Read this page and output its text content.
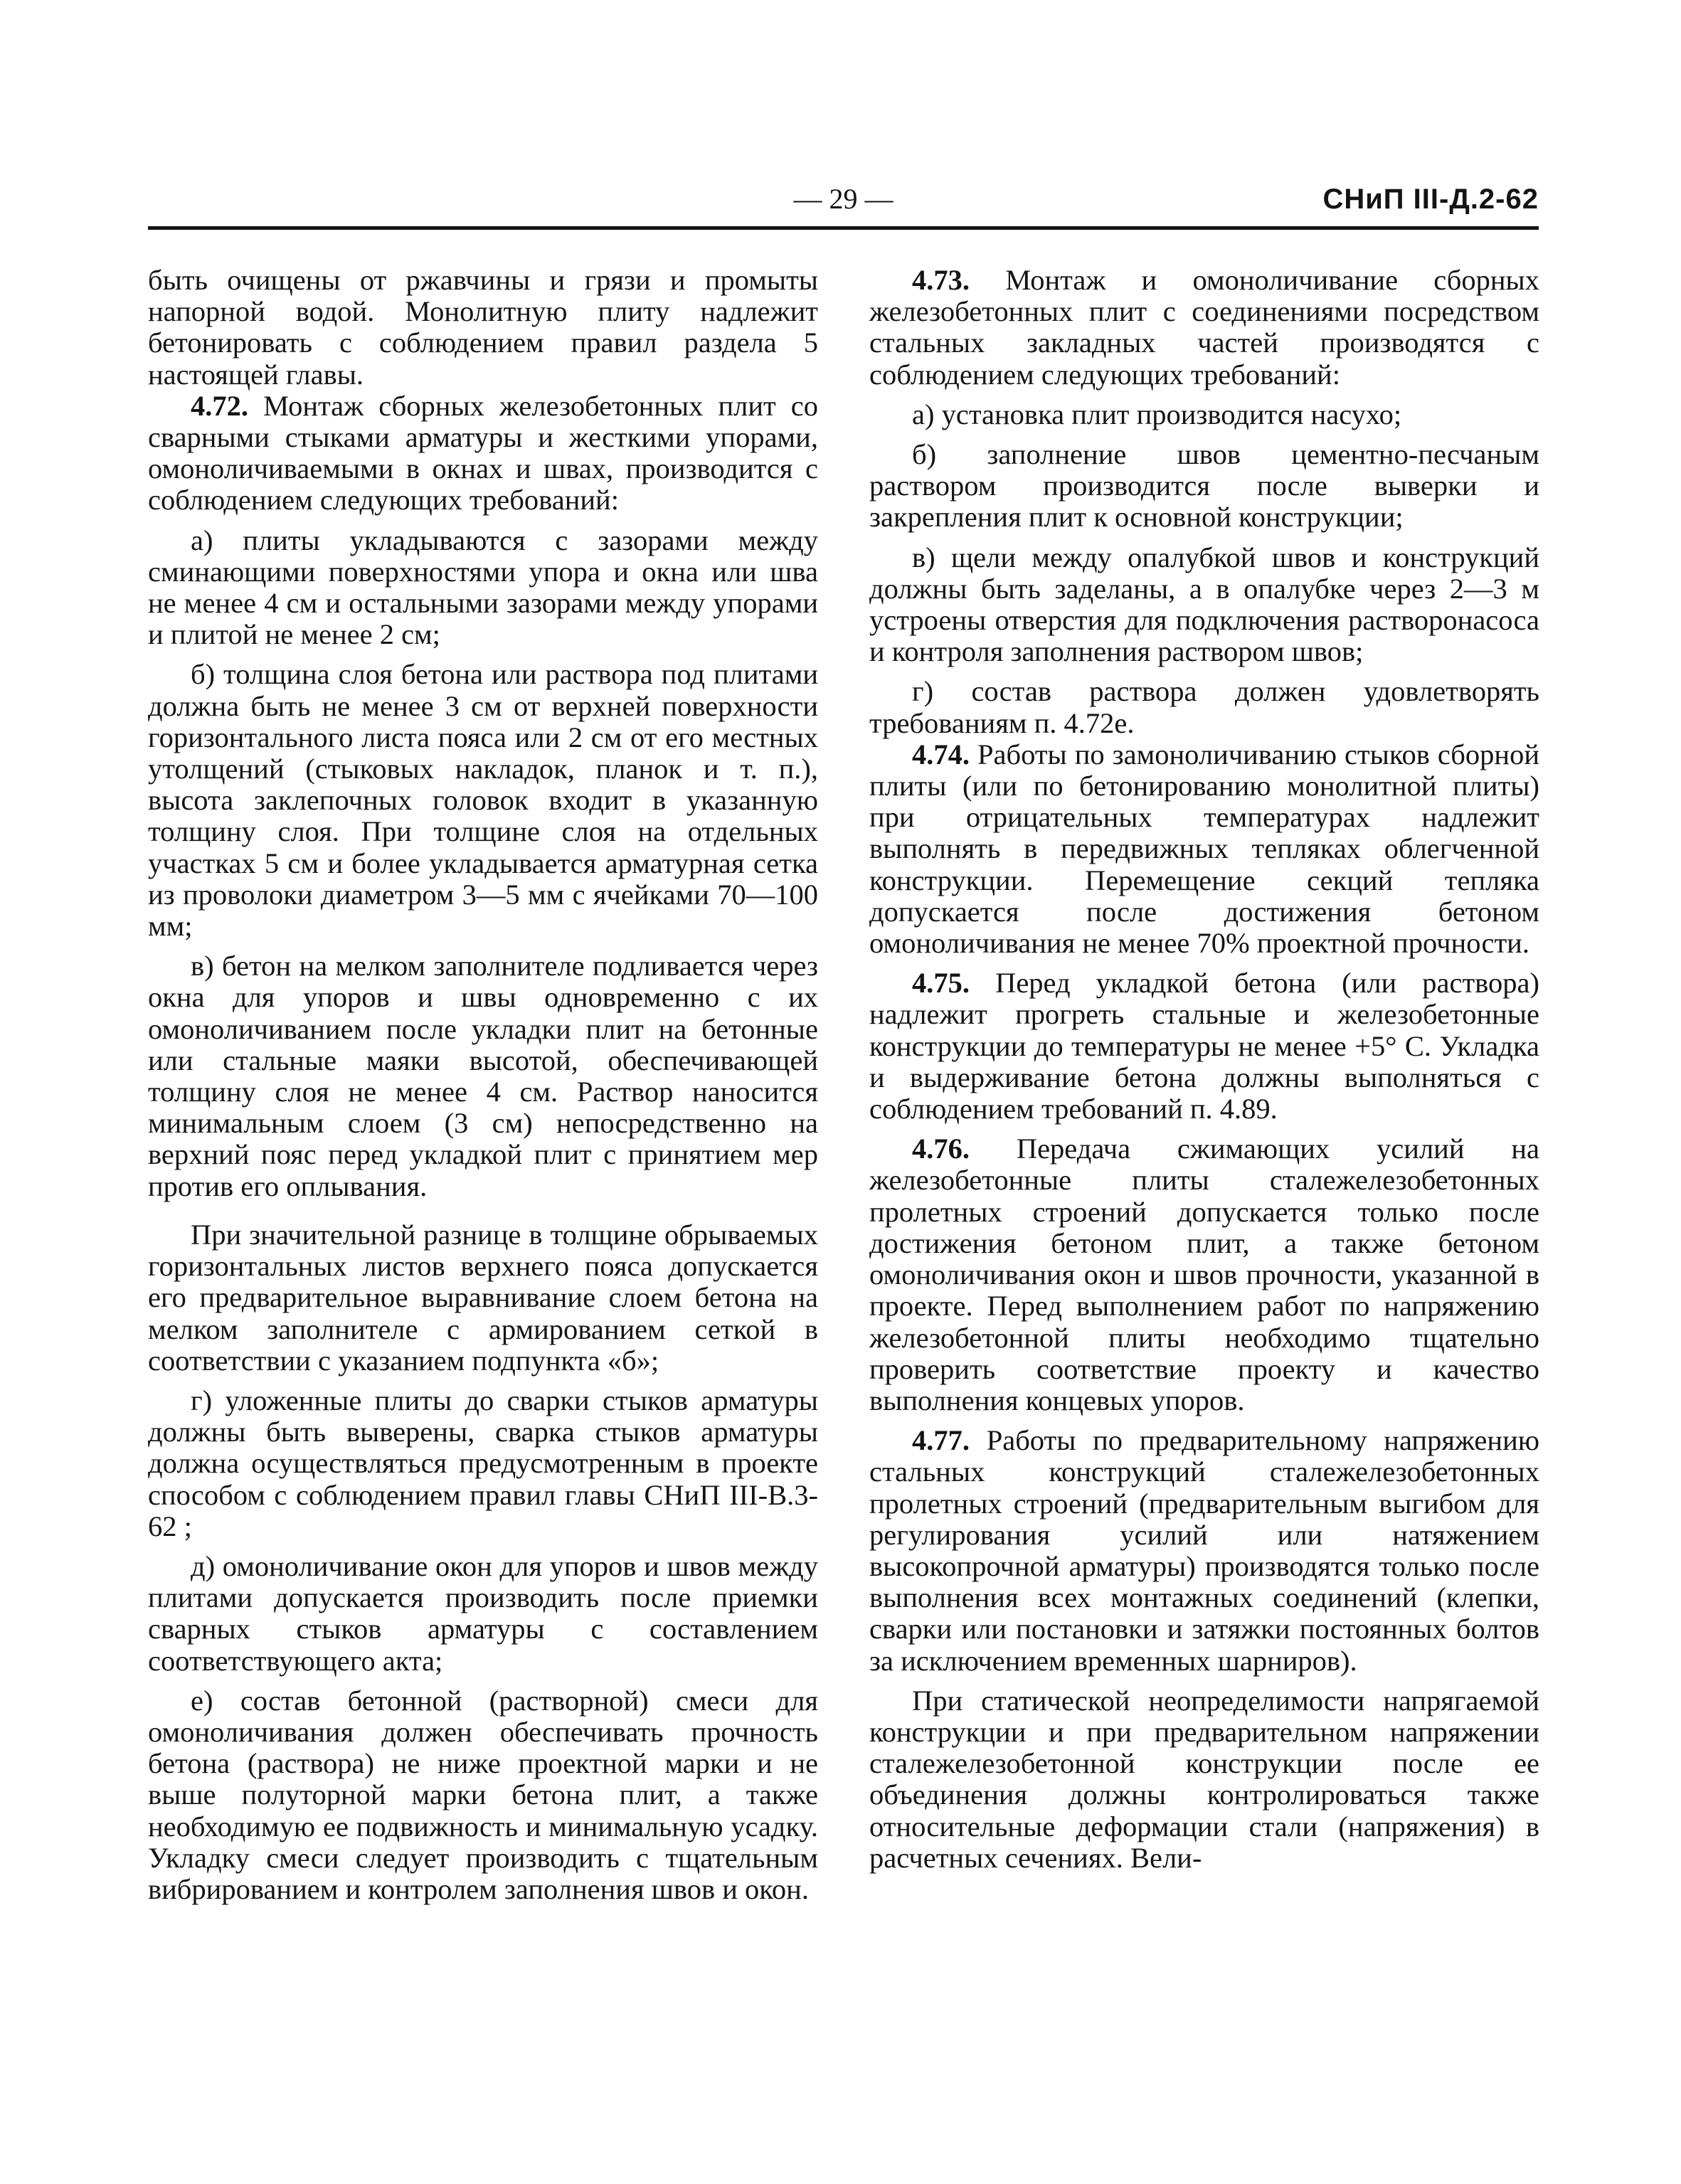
— 29 —	СНиП III-Д.2-62

быть очищены от ржавчины и грязи и промыты напорной водой. Монолитную плиту надлежит бетонировать с соблюдением правил раздела 5 настоящей главы.

4.72. Монтаж сборных железобетонных плит со сварными стыками арматуры и жесткими упорами, омоноличиваемыми в окнах и швах, производится с соблюдением следующих требований:

а) плиты укладываются с зазорами между сминающими поверхностями упора и окна или шва не менее 4 см и остальными зазорами между упорами и плитой не менее 2 см;

б) толщина слоя бетона или раствора под плитами должна быть не менее 3 см от верхней поверхности горизонтального листа пояса или 2 см от его местных утолщений (стыковых накладок, планок и т. п.), высота заклепочных головок входит в указанную толщину слоя. При толщине слоя на отдельных участках 5 см и более укладывается арматурная сетка из проволоки диаметром 3—5 мм с ячейками 70—100 мм;

в) бетон на мелком заполнителе подливается через окна для упоров и швы одновременно с их омоноличиванием после укладки плит на бетонные или стальные маяки высотой, обеспечивающей толщину слоя не менее 4 см. Раствор наносится минимальным слоем (3 см) непосредственно на верхний пояс перед укладкой плит с принятием мер против его оплывания.

При значительной разнице в толщине обрываемых горизонтальных листов верхнего пояса допускается его предварительное выравнивание слоем бетона на мелком заполнителе с армированием сеткой в соответствии с указанием подпункта «б»;

г) уложенные плиты до сварки стыков арматуры должны быть выверены, сварка стыков арматуры должна осуществляться предусмотренным в проекте способом с соблюдением правил главы СНиП III-В.3-62 ;

д) омоноличивание окон для упоров и швов между плитами допускается производить после приемки сварных стыков арматуры с составлением соответствующего акта;

е) состав бетонной (растворной) смеси для омоноличивания должен обеспечивать прочность бетона (раствора) не ниже проектной марки и не выше полуторной марки бетона плит, а также необходимую ее подвижность и минимальную усадку. Укладку смеси следует производить с тщательным вибрированием и контролем заполнения швов и окон.

4.73. Монтаж и омоноличивание сборных железобетонных плит с соединениями посредством стальных закладных частей производятся с соблюдением следующих требований:

а) установка плит производится насухо;

б) заполнение швов цементно-песчаным раствором производится после выверки и закрепления плит к основной конструкции;

в) щели между опалубкой швов и конструкций должны быть заделаны, а в опалубке через 2—3 м устроены отверстия для подключения растворонасоса и контроля заполнения раствором швов;

г) состав раствора должен удовлетворять требованиям п. 4.72е.

4.74. Работы по замоноличиванию стыков сборной плиты (или по бетонированию монолитной плиты) при отрицательных температурах надлежит выполнять в передвижных тепляках облегченной конструкции. Перемещение секций тепляка допускается после достижения бетоном омоноличивания не менее 70% проектной прочности.

4.75. Перед укладкой бетона (или раствора) надлежит прогреть стальные и железобетонные конструкции до температуры не менее +5° С. Укладка и выдерживание бетона должны выполняться с соблюдением требований п. 4.89.

4.76. Передача сжимающих усилий на железобетонные плиты сталежелезобетонных пролетных строений допускается только после достижения бетоном плит, а также бетоном омоноличивания окон и швов прочности, указанной в проекте. Перед выполнением работ по напряжению железобетонной плиты необходимо тщательно проверить соответствие проекту и качество выполнения концевых упоров.

4.77. Работы по предварительному напряжению стальных конструкций сталежелезобетонных пролетных строений (предварительным выгибом для регулирования усилий или натяжением высокопрочной арматуры) производятся только после выполнения всех монтажных соединений (клепки, сварки или постановки и затяжки постоянных болтов за исключением временных шарниров).

При статической неопределимости напрягаемой конструкции и при предварительном напряжении сталежелезобетонной конструкции после ее объединения должны контролироваться также относительные деформации стали (напряжения) в расчетных сечениях. Вели-
